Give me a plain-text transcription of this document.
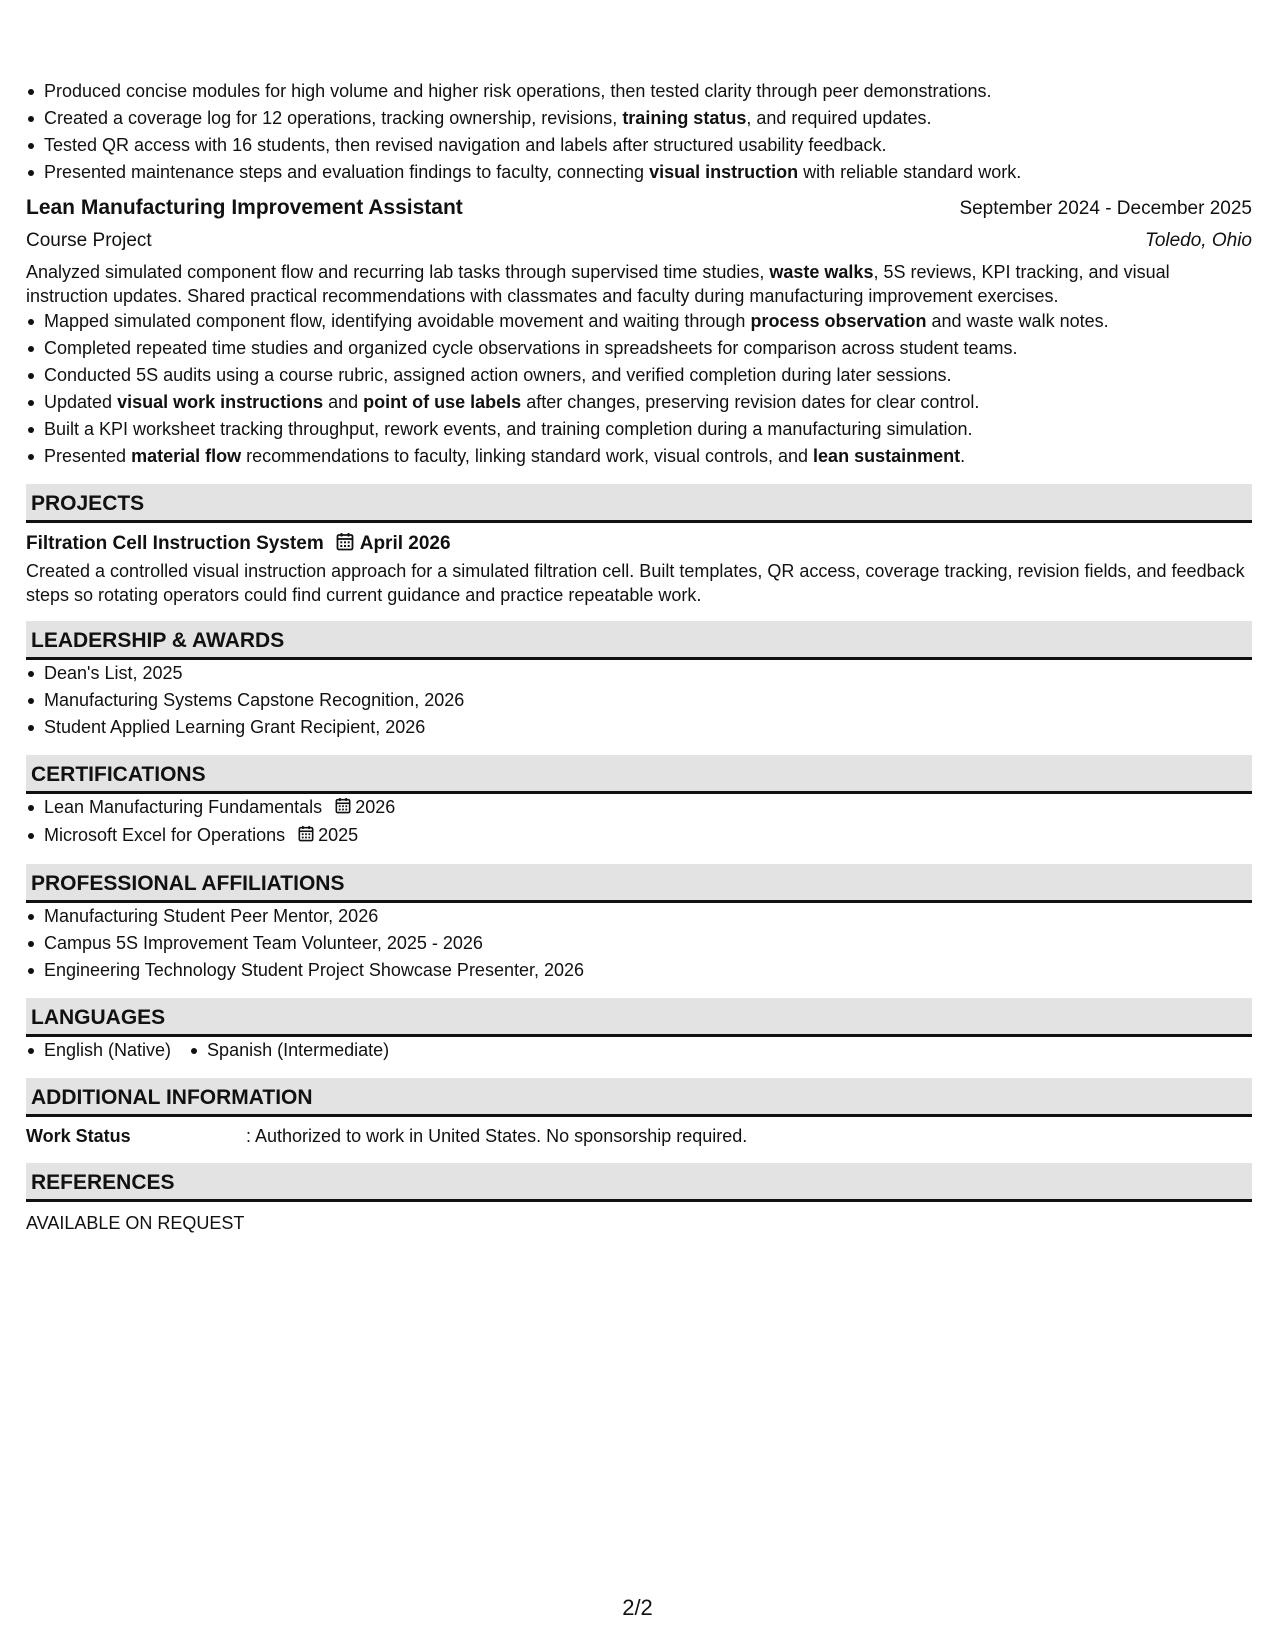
Produced concise modules for high volume and higher risk operations, then tested clarity through peer demonstrations.
Created a coverage log for 12 operations, tracking ownership, revisions, training status, and required updates.
Tested QR access with 16 students, then revised navigation and labels after structured usability feedback.
Presented maintenance steps and evaluation findings to faculty, connecting visual instruction with reliable standard work.
Lean Manufacturing Improvement Assistant	September 2024 - December 2025
Course Project	Toledo, Ohio
Analyzed simulated component flow and recurring lab tasks through supervised time studies, waste walks, 5S reviews, KPI tracking, and visual instruction updates. Shared practical recommendations with classmates and faculty during manufacturing improvement exercises.
Mapped simulated component flow, identifying avoidable movement and waiting through process observation and waste walk notes.
Completed repeated time studies and organized cycle observations in spreadsheets for comparison across student teams.
Conducted 5S audits using a course rubric, assigned action owners, and verified completion during later sessions.
Updated visual work instructions and point of use labels after changes, preserving revision dates for clear control.
Built a KPI worksheet tracking throughput, rework events, and training completion during a manufacturing simulation.
Presented material flow recommendations to faculty, linking standard work, visual controls, and lean sustainment.
PROJECTS
Filtration Cell Instruction System April 2026
Created a controlled visual instruction approach for a simulated filtration cell. Built templates, QR access, coverage tracking, revision fields, and feedback steps so rotating operators could find current guidance and practice repeatable work.
LEADERSHIP & AWARDS
Dean's List, 2025
Manufacturing Systems Capstone Recognition, 2026
Student Applied Learning Grant Recipient, 2026
CERTIFICATIONS
Lean Manufacturing Fundamentals 2026
Microsoft Excel for Operations 2025
PROFESSIONAL AFFILIATIONS
Manufacturing Student Peer Mentor, 2026
Campus 5S Improvement Team Volunteer, 2025 - 2026
Engineering Technology Student Project Showcase Presenter, 2026
LANGUAGES
English (Native) Spanish (Intermediate)
ADDITIONAL INFORMATION
Work Status	: Authorized to work in United States. No sponsorship required.
REFERENCES
AVAILABLE ON REQUEST
2/2
